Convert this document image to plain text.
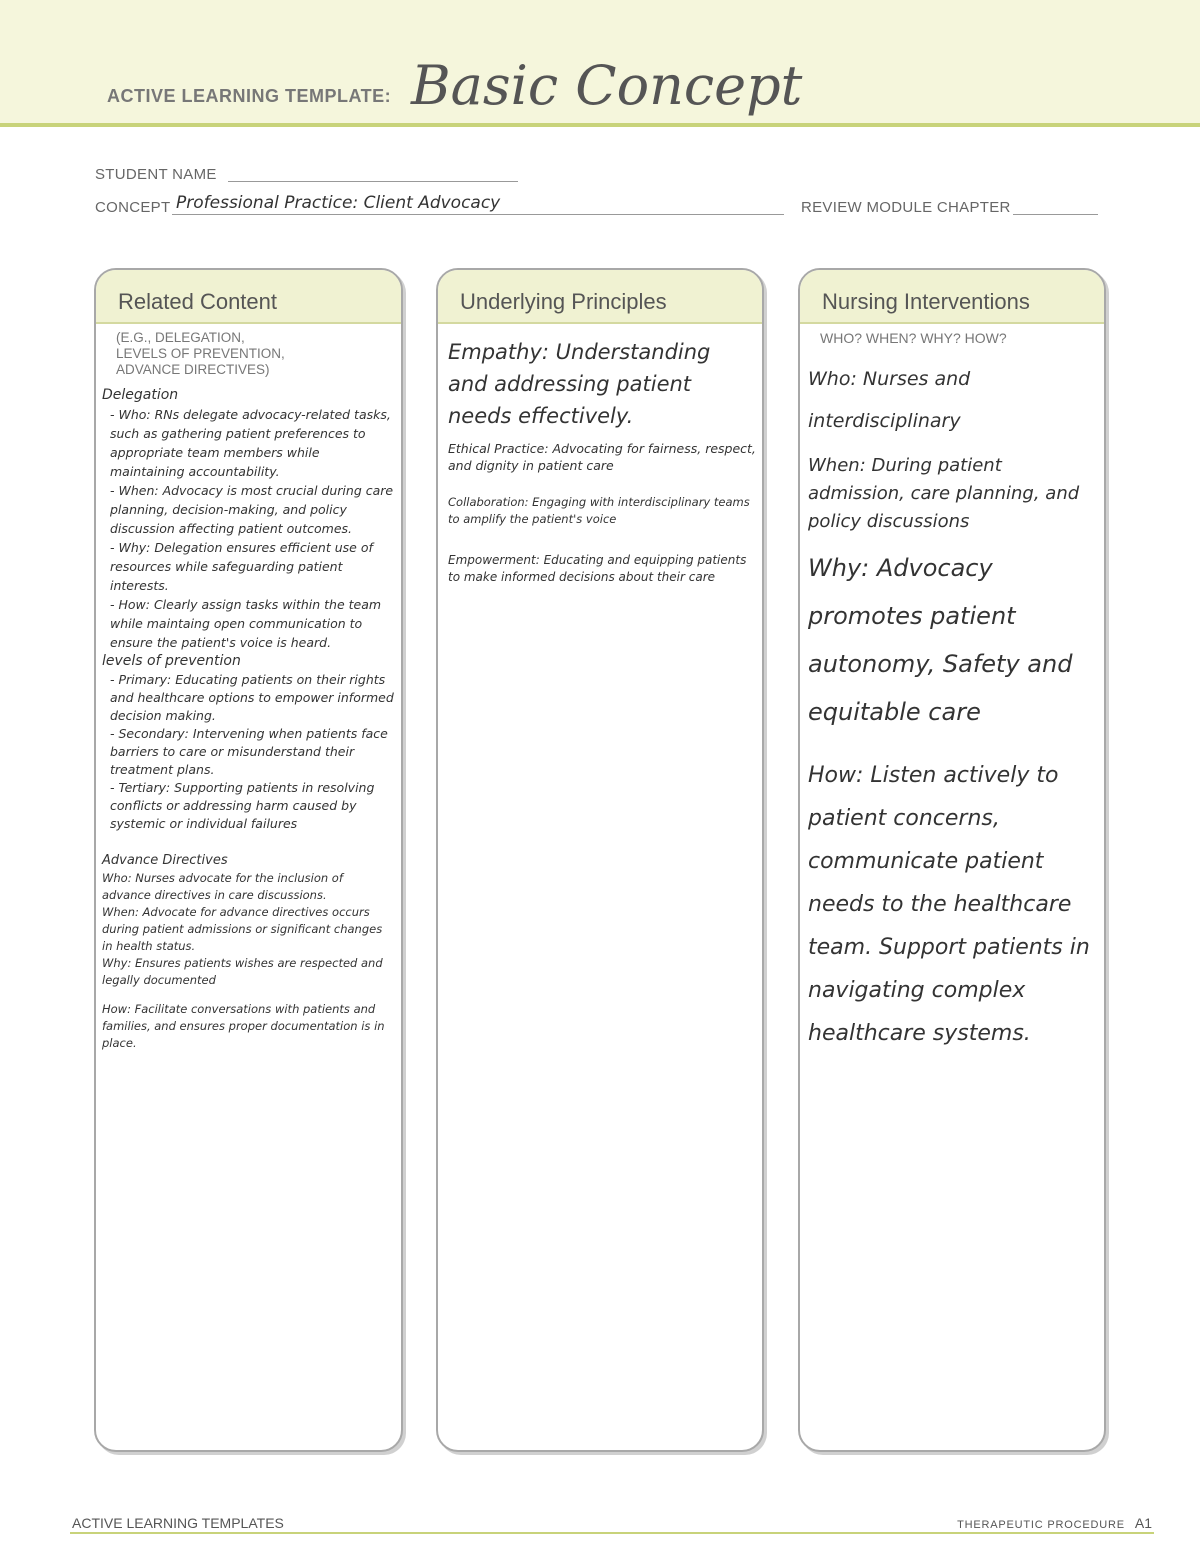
ACTIVE LEARNING TEMPLATE: Basic Concept
STUDENT NAME
CONCEPT Professional Practice: Client Advocacy	REVIEW MODULE CHAPTER
Related Content
(E.G., DELEGATION,
LEVELS OF PREVENTION,
ADVANCE DIRECTIVES)

Delegation

- Who: RNs delegate advocacy-related tasks, such as gathering patient preferences to appropriate team members while maintaining accountability.

- When: Advocacy is most crucial during care planning, decision-making, and policy discussion affecting patient outcomes.

- Why: Delegation ensures efficient use of resources while safeguarding patient interests.

- How: Clearly assign tasks within the team while maintaing open communication to ensure the patient's voice is heard.

levels of prevention

- Primary: Educating patients on their rights and healthcare options to empower informed decision making.

- Secondary: Intervening when patients face barriers to care or misunderstand their treatment plans.

- Tertiary: Supporting patients in resolving conflicts or addressing harm caused by systemic or individual failures

Advance Directives

Who: Nurses advocate for the inclusion of advance directives in care discussions.

When: Advocate for advance directives occurs during patient admissions or significant changes in health status.

Why: Ensures patients wishes are respected and legally documented

How: Facilitate conversations with patients and families, and ensures proper documentation is in place.

Underlying Principles

Empathy: Understanding and addressing patient needs effectively.

Ethical Practice: Advocating for fairness, respect, and dignity in patient care

Collaboration: Engaging with interdisciplinary teams to amplify the patient's voice

Empowerment: Educating and equipping patients to make informed decisions about their care

Nursing Interventions
WHO? WHEN? WHY? HOW?

Who: Nurses and interdisciplinary

When: During patient admission, care planning, and policy discussions

Why: Advocacy promotes patient autonomy, Safety and equitable care

How: Listen actively to patient concerns, communicate patient needs to the healthcare team. Support patients in navigating complex healthcare systems.

ACTIVE LEARNING TEMPLATES	THERAPEUTIC PROCEDURE A1
